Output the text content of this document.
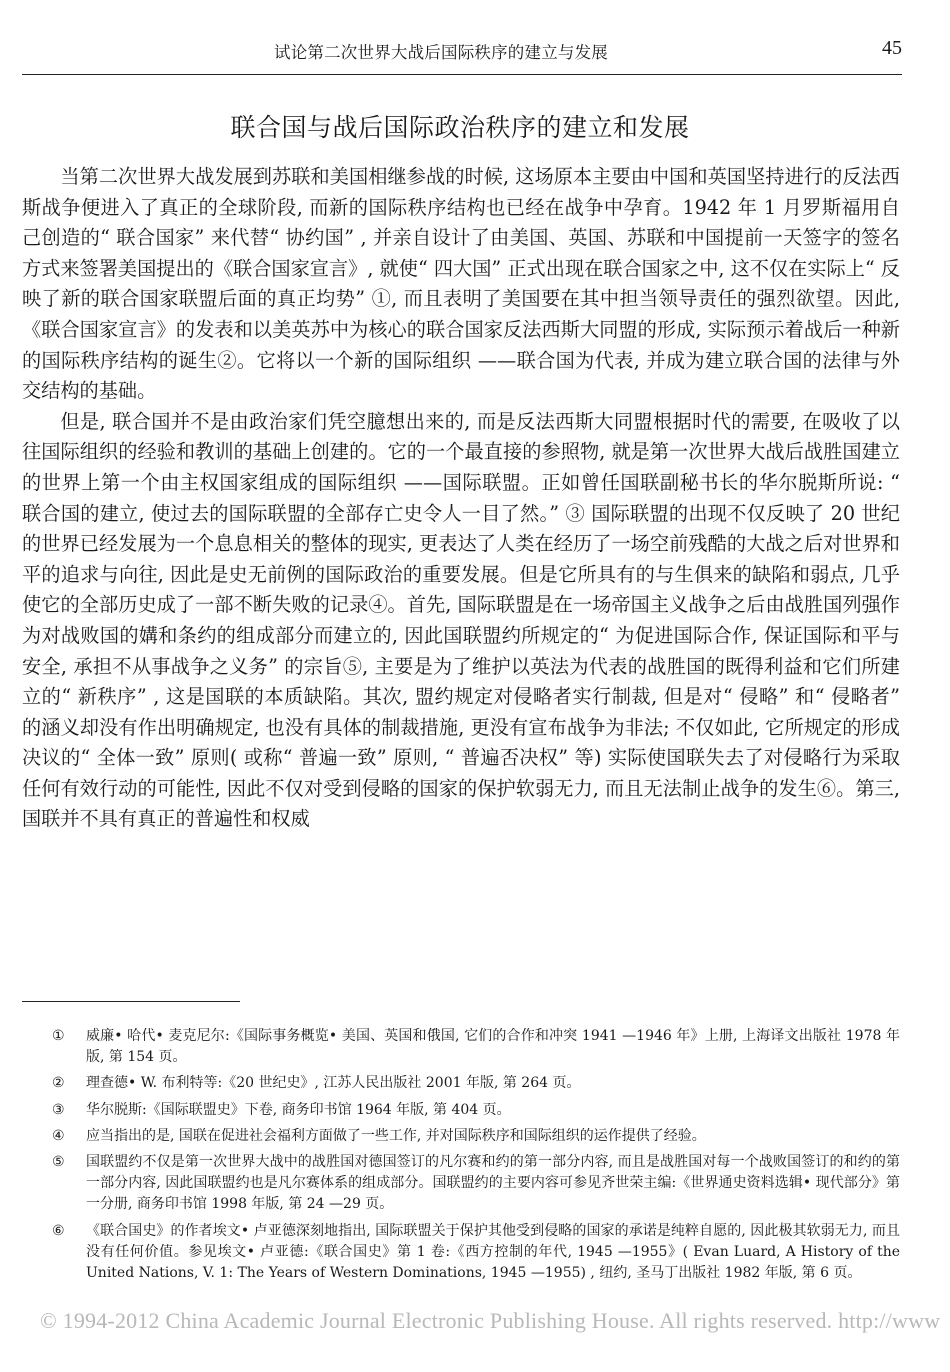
试论第二次世界大战后国际秩序的建立与发展	45
联合国与战后国际政治秩序的建立和发展

当第二次世界大战发展到苏联和美国相继参战的时候, 这场原本主要由中国和英国坚持进行的反法西斯战争便进入了真正的全球阶段, 而新的国际秩序结构也已经在战争中孕育。1942 年 1 月罗斯福用自己创造的“ 联合国家” 来代替“ 协约国” , 并亲自设计了由美国、英国、苏联和中国提前一天签字的签名方式来签署美国提出的《联合国家宣言》, 就使“ 四大国” 正式出现在联合国家之中, 这不仅在实际上“ 反映了新的联合国家联盟后面的真正均势” ①, 而且表明了美国要在其中担当领导责任的强烈欲望。因此,《联合国家宣言》的发表和以美英苏中为核心的联合国家反法西斯大同盟的形成, 实际预示着战后一种新的国际秩序结构的诞生②。它将以一个新的国际组织 ——联合国为代表, 并成为建立联合国的法律与外交结构的基础。

但是, 联合国并不是由政治家们凭空臆想出来的, 而是反法西斯大同盟根据时代的需要, 在吸收了以往国际组织的经验和教训的基础上创建的。它的一个最直接的参照物, 就是第一次世界大战后战胜国建立的世界上第一个由主权国家组成的国际组织 ——国际联盟。正如曾任国联副秘书长的华尔脱斯所说: “ 联合国的建立, 使过去的国际联盟的全部存亡史令人一目了然。” ③ 国际联盟的出现不仅反映了 20 世纪的世界已经发展为一个息息相关的整体的现实, 更表达了人类在经历了一场空前残酷的大战之后对世界和平的追求与向往, 因此是史无前例的国际政治的重要发展。但是它所具有的与生俱来的缺陷和弱点, 几乎使它的全部历史成了一部不断失败的记录④。首先, 国际联盟是在一场帝国主义战争之后由战胜国列强作为对战败国的媾和条约的组成部分而建立的, 因此国联盟约所规定的“ 为促进国际合作, 保证国际和平与安全, 承担不从事战争之义务” 的宗旨⑤, 主要是为了维护以英法为代表的战胜国的既得利益和它们所建立的“ 新秩序” , 这是国联的本质缺陷。其次, 盟约规定对侵略者实行制裁, 但是对“ 侵略” 和“ 侵略者” 的涵义却没有作出明确规定, 也没有具体的制裁措施, 更没有宣布战争为非法; 不仅如此, 它所规定的形成决议的“ 全体一致” 原则( 或称“ 普遍一致” 原则, “ 普遍否决权” 等) 实际使国联失去了对侵略行为采取任何有效行动的可能性, 因此不仅对受到侵略的国家的保护软弱无力, 而且无法制止战争的发生⑥。第三, 国联并不具有真正的普遍性和权威

① 威廉• 哈代• 麦克尼尔:《国际事务概览• 美国、英国和俄国, 它们的合作和冲突 1941 —1946 年》上册, 上海译文出版社 1978 年版, 第 154 页。
② 理查德• W. 布利特等:《20 世纪史》, 江苏人民出版社 2001 年版, 第 264 页。
③ 华尔脱斯:《国际联盟史》下卷, 商务印书馆 1964 年版, 第 404 页。
④ 应当指出的是, 国联在促进社会福利方面做了一些工作, 并对国际秩序和国际组织的运作提供了经验。
⑤ 国联盟约不仅是第一次世界大战中的战胜国对德国签订的凡尔赛和约的第一部分内容, 而且是战胜国对每一个战败国签订的和约的第一部分内容, 因此国联盟约也是凡尔赛体系的组成部分。国联盟约的主要内容可参见齐世荣主编:《世界通史资料选辑• 现代部分》第一分册, 商务印书馆 1998 年版, 第 24 —29 页。
⑥ 《联合国史》的作者埃文• 卢亚德深刻地指出, 国际联盟关于保护其他受到侵略的国家的承诺是纯粹自愿的, 因此极其软弱无力, 而且没有任何价值。参见埃文• 卢亚德:《联合国史》第 1 卷:《西方控制的年代, 1945 —1955》( Evan Luard, A History of the United Nations, V. 1: The Years of Western Dominations, 1945 —1955) , 纽约, 圣马丁出版社 1982 年版, 第 6 页。
© 1994-2012 China Academic Journal Electronic Publishing House. All rights reserved. http://www
